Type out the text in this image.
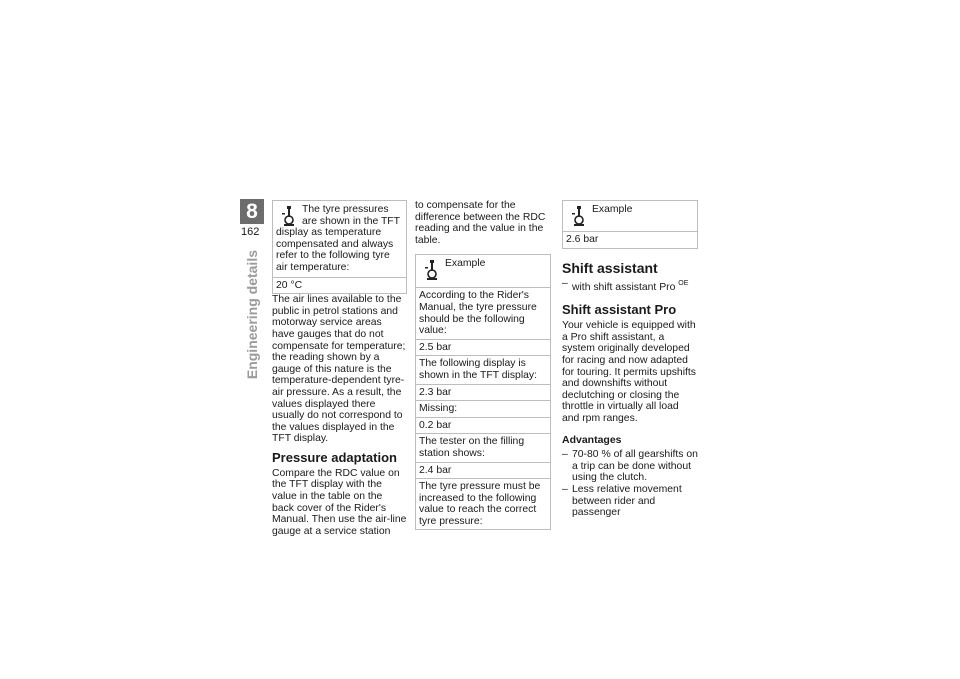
8
162
Engineering details
The tyre pressures are shown in the TFT display as temperature compensated and always refer to the following tyre air temperature:
20 °C

The air lines available to the public in petrol stations and motorway service areas have gauges that do not compensate for temperature; the reading shown by a gauge of this nature is the temperature-dependent tyre-air pressure. As a result, the values displayed there usually do not correspond to the values displayed in the TFT display.

Pressure adaptation

Compare the RDC value on the TFT display with the value in the table on the back cover of the Rider's Manual. Then use the air-line gauge at a service station

to compensate for the difference between the RDC reading and the value in the table.

Example
According to the Rider's Manual, the tyre pressure should be the following value:
2.5 bar
The following display is shown in the TFT display:
2.3 bar
Missing:
0.2 bar
The tester on the filling station shows:
2.4 bar
The tyre pressure must be increased to the following value to reach the correct tyre pressure:
Example
2.6 bar
Shift assistant

– with shift assistant Pro $^{OE}$

Shift assistant Pro

Your vehicle is equipped with a Pro shift assistant, a system originally developed for racing and now adapted for touring. It permits upshifts and downshifts without declutching or closing the throttle in virtually all load and rpm ranges.

Advantages

– 70-80 % of all gearshifts on a trip can be done without using the clutch.

– Less relative movement between rider and passenger
